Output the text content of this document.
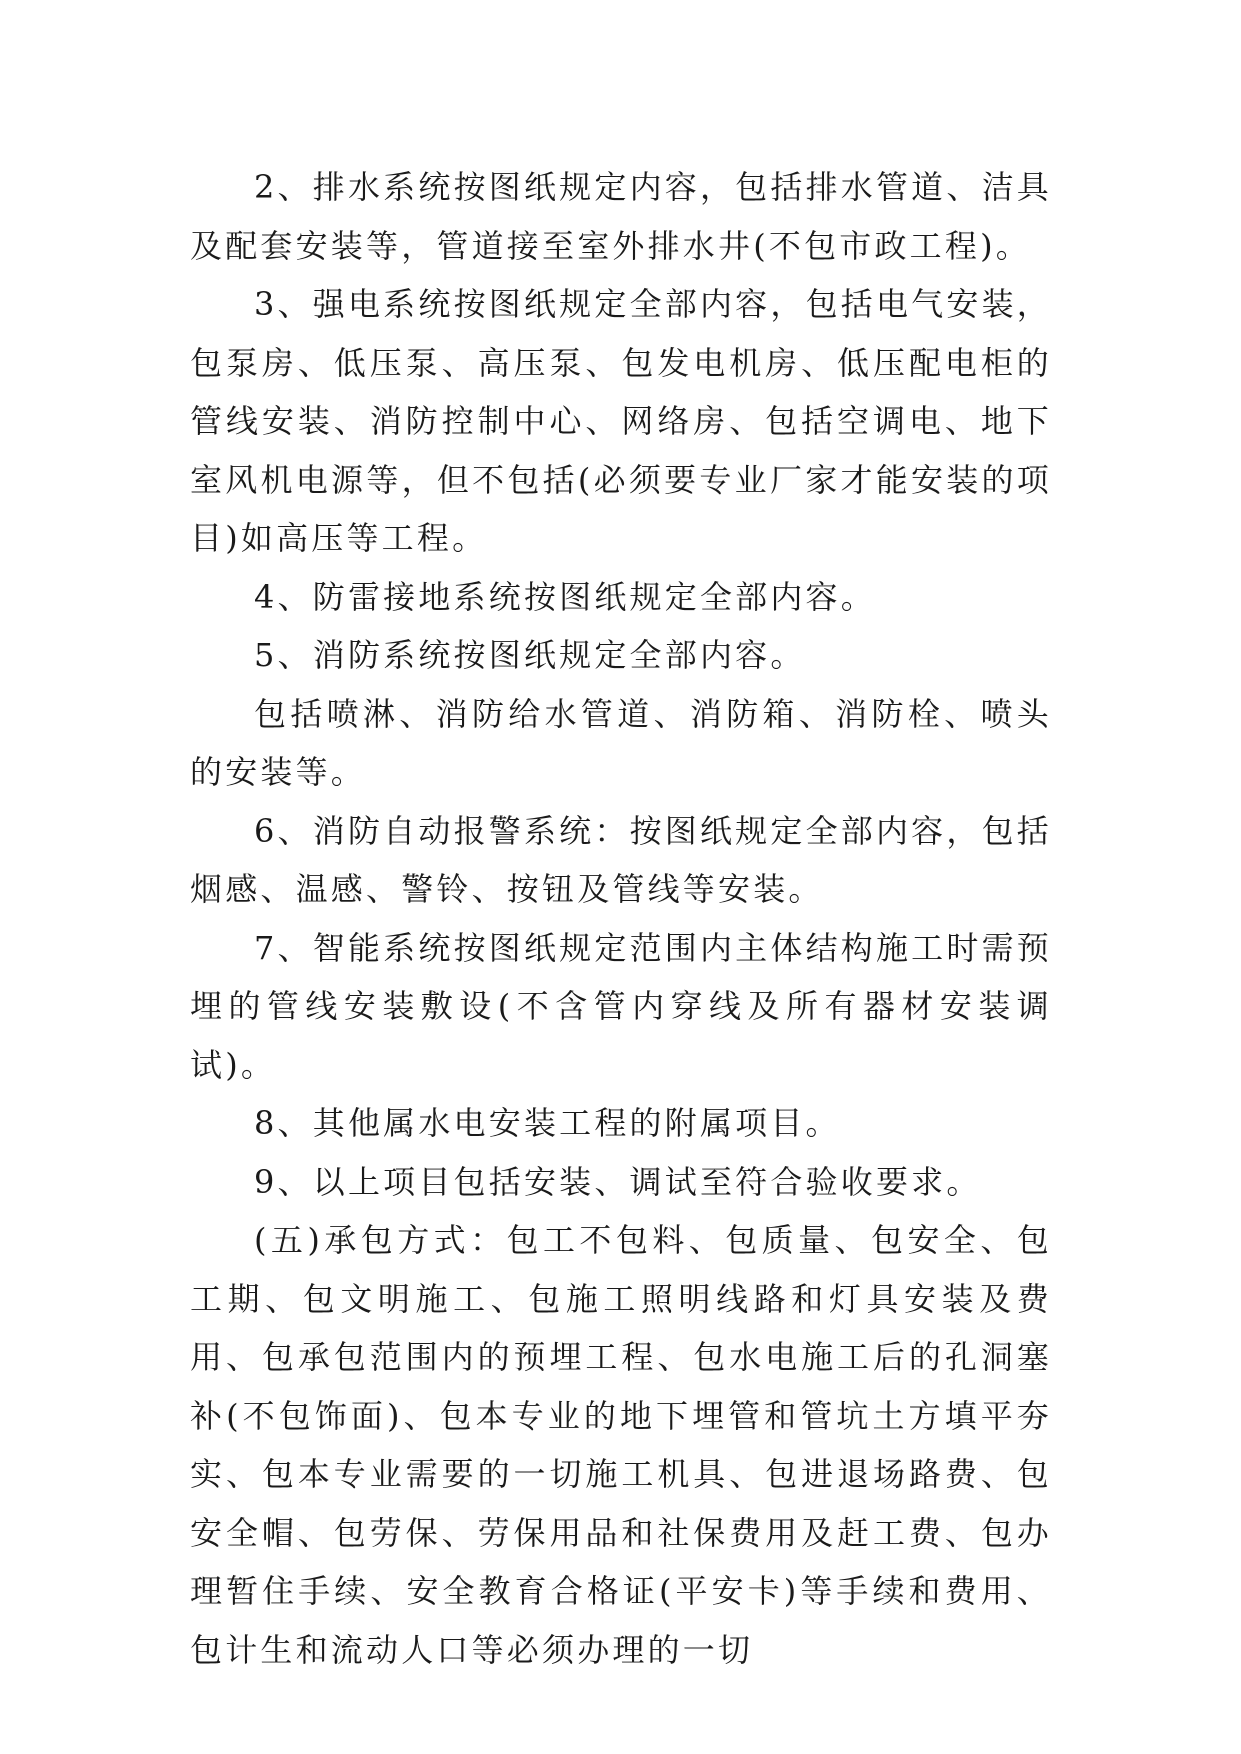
2、排水系统按图纸规定内容，包括排水管道、洁具及配套安装等，管道接至室外排水井(不包市政工程)。

3、强电系统按图纸规定全部内容，包括电气安装，包泵房、低压泵、高压泵、包发电机房、低压配电柜的管线安装、消防控制中心、网络房、包括空调电、地下室风机电源等，但不包括(必须要专业厂家才能安装的项目)如高压等工程。

4、防雷接地系统按图纸规定全部内容。

5、消防系统按图纸规定全部内容。

包括喷淋、消防给水管道、消防箱、消防栓、喷头的安装等。

6、消防自动报警系统：按图纸规定全部内容，包括烟感、温感、警铃、按钮及管线等安装。

7、智能系统按图纸规定范围内主体结构施工时需预埋的管线安装敷设(不含管内穿线及所有器材安装调试)。

8、其他属水电安装工程的附属项目。

9、以上项目包括安装、调试至符合验收要求。

(五)承包方式：包工不包料、包质量、包安全、包工期、包文明施工、包施工照明线路和灯具安装及费用、包承包范围内的预埋工程、包水电施工后的孔洞塞补(不包饰面)、包本专业的地下埋管和管坑土方填平夯实、包本专业需要的一切施工机具、包进退场路费、包安全帽、包劳保、劳保用品和社保费用及赶工费、包办理暂住手续、安全教育合格证(平安卡)等手续和费用、包计生和流动人口等必须办理的一切
